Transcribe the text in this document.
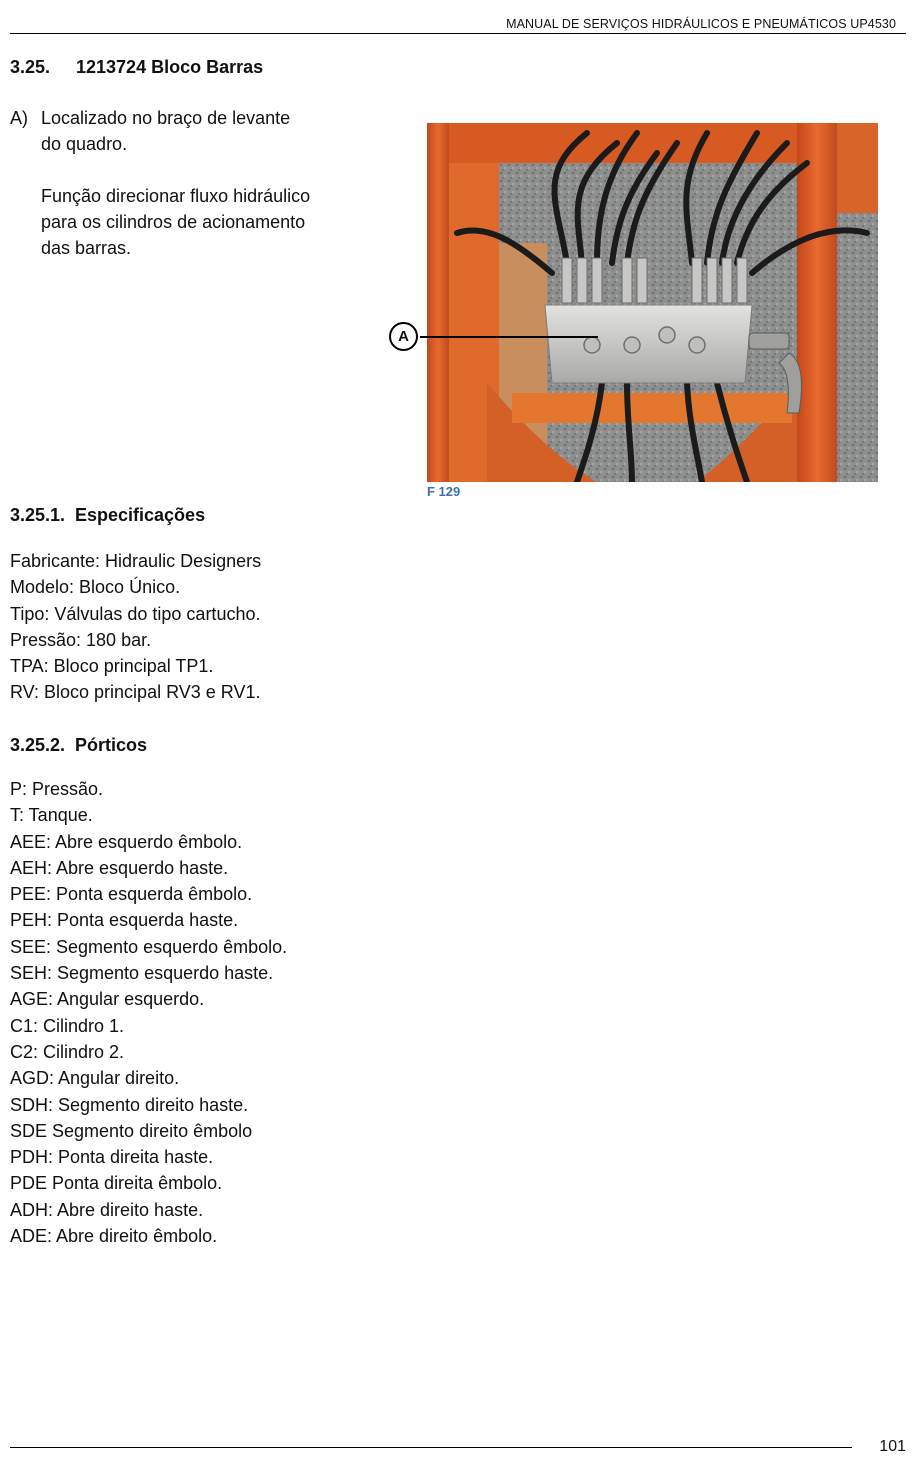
MANUAL DE SERVIÇOS HIDRÁULICOS E PNEUMÁTICOS UP4530
3.25. 1213724 Bloco Barras
A) Localizado no braço de levante
do quadro.
Função direcionar fluxo hidráulico
para os cilindros de acionamento
das barras.
A
F 129
3.25.1. Especificações
Fabricante: Hidraulic Designers
Modelo: Bloco Único.
Tipo: Válvulas do tipo cartucho.
Pressão: 180 bar.
TPA: Bloco principal TP1.
RV: Bloco principal RV3 e RV1.
3.25.2. Pórticos
P: Pressão.
T: Tanque.
AEE: Abre esquerdo êmbolo.
AEH: Abre esquerdo haste.
PEE: Ponta esquerda êmbolo.
PEH: Ponta esquerda haste.
SEE: Segmento esquerdo êmbolo.
SEH: Segmento esquerdo haste.
AGE: Angular esquerdo.
C1: Cilindro 1.
C2: Cilindro 2.
AGD: Angular direito.
SDH: Segmento direito haste.
SDE Segmento direito êmbolo
PDH: Ponta direita haste.
PDE Ponta direita êmbolo.
ADH: Abre direito haste.
ADE: Abre direito êmbolo.
101
